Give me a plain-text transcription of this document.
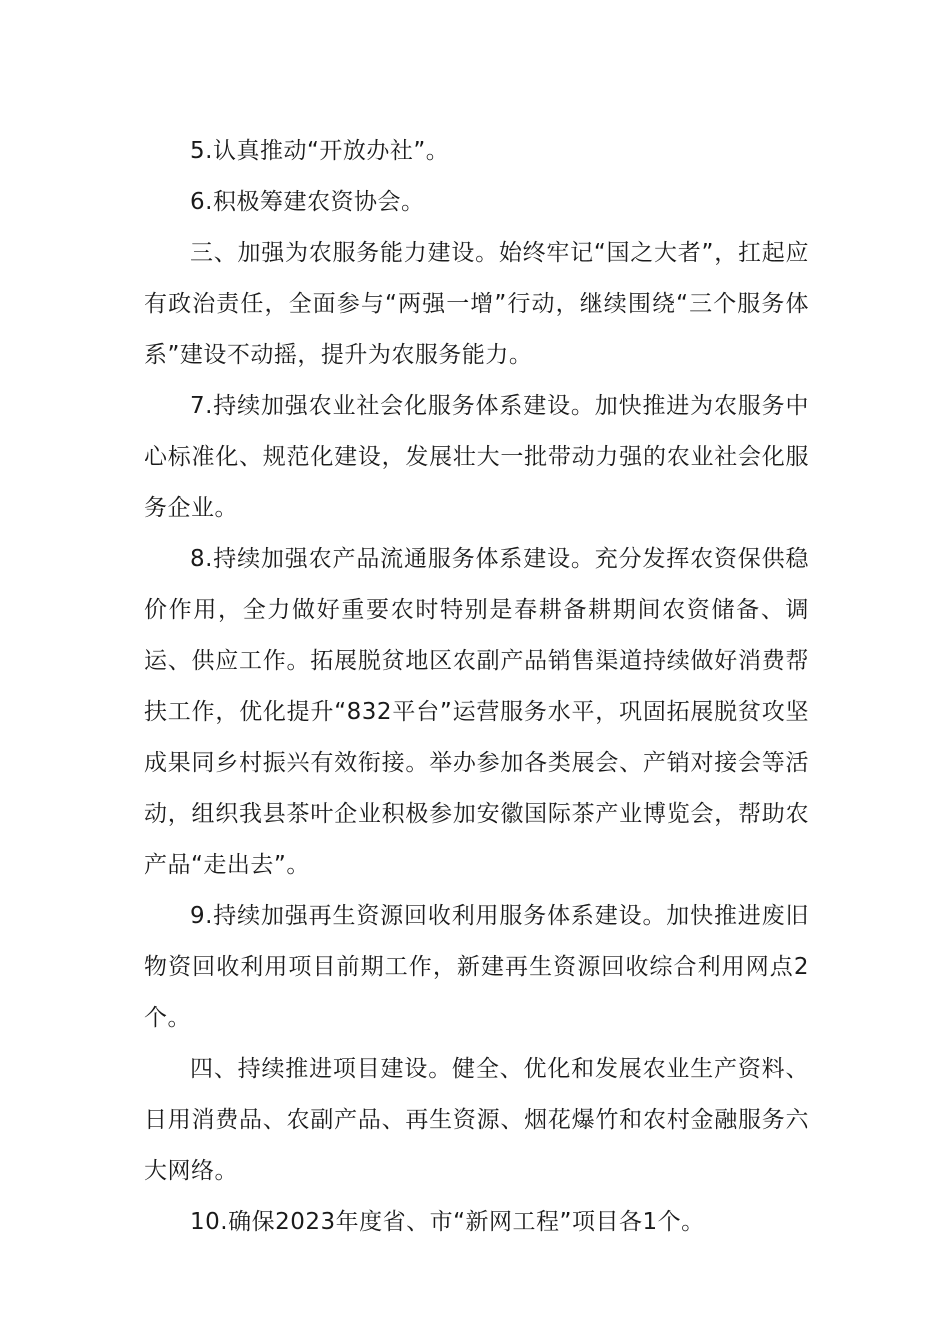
5.认真推动“开放办社”。

6.积极筹建农资协会。

三、加强为农服务能力建设。始终牢记“国之大者”，扛起应有政治责任，全面参与“两强一增”行动，继续围绕“三个服务体系”建设不动摇，提升为农服务能力。

7.持续加强农业社会化服务体系建设。加快推进为农服务中心标准化、规范化建设，发展壮大一批带动力强的农业社会化服务企业。

8.持续加强农产品流通服务体系建设。充分发挥农资保供稳价作用，全力做好重要农时特别是春耕备耕期间农资储备、调运、供应工作。拓展脱贫地区农副产品销售渠道持续做好消费帮扶工作，优化提升“832平台”运营服务水平，巩固拓展脱贫攻坚成果同乡村振兴有效衔接。举办参加各类展会、产销对接会等活动，组织我县茶叶企业积极参加安徽国际茶产业博览会，帮助农产品“走出去”。

9.持续加强再生资源回收利用服务体系建设。加快推进废旧物资回收利用项目前期工作，新建再生资源回收综合利用网点2个。

四、持续推进项目建设。健全、优化和发展农业生产资料、日用消费品、农副产品、再生资源、烟花爆竹和农村金融服务六大网络。

10.确保2023年度省、市“新网工程”项目各1个。
